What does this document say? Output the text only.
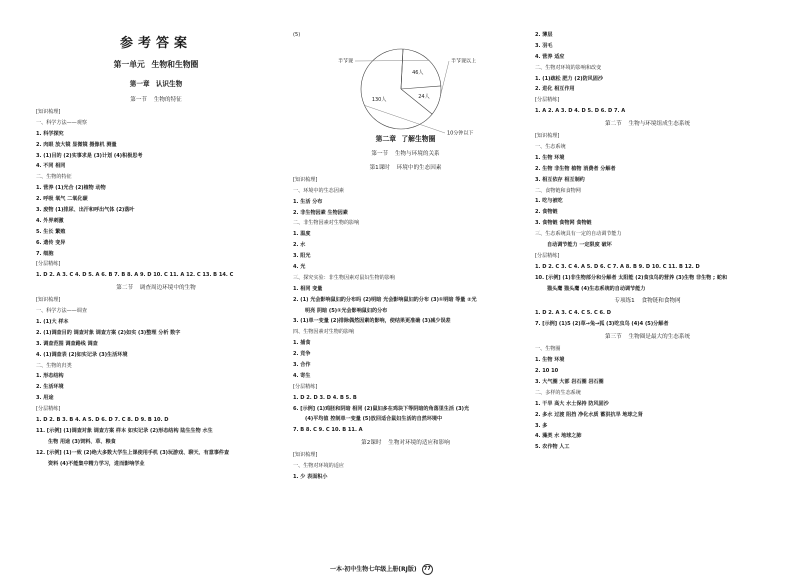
参考答案
第一单元 生物和生物圈
第一章 认识生物
第一节 生物的特征
[知识梳理]
一、科学方法——观察
1. 科学探究
2. 肉眼 放大镜 显微镜 摄像机 测量
3. (1)目的 (2)实事求是 (3)计划 (4)积极思考
4. 不同 相同
二、生物的特征
1. 营养 (1)光合 (2)植物 动物
2. 呼吸 氧气 二氧化碳
3. 废物 (1)排尿、出汗和呼出气体 (2)落叶
4. 外界刺激
5. 生长 繁殖
6. 遗传 变异
7. 细胞
[分层精练]
1. D 2. A 3. C 4. D 5. A 6. B 7. B 8. A 9. D 10. C 11. A 12. C 13. B 14. C
第二节 调查周边环境中的生物
[知识梳理]
一、科学方法——调查
1. (1)大 样本
2. (1)调查目的 调查对象 调查方案 (2)如实 (3)整理 分析 数字
3. 调查范围 调查路线 调查
4. (1)调查表 (2)如实记录 (3)生活环境
二、生物的归类
1. 形态结构
2. 生活环境
3. 用途
[分层精练]
1. D 2. B 3. B 4. A 5. D 6. D 7. C 8. D 9. B 10. D
11. [示例] (1)调查对象 调查方案 样本 如实记录 (2)形态结构 陆生生物 水生
生物 用途 (3)饲料、草、粮食
12. [示例] (1)一致 (2)绝大多数大学生上课使用手机 (3)玩游戏、聊天、有意事件查
资料 (4)不能集中精力学习，进而影响学业
(5)
46人
半节课
24人
半节课以上
130人
10分钟以下
第二章 了解生物圈
第一节 生物与环境的关系
第1课时 环境中的生态因素
[知识梳理]
一、环境中的生态因素
1. 生活 分布
2. 非生物因素 生物因素
二、非生物因素对生物的影响
1. 温度
2. 水
3. 阳光
4. 光
三、探究实验：非生物因素对鼠妇生物的影响
1. 相同 变量
2. (1) 光会影响鼠妇的分布吗 (2)明暗 光会影响鼠妇的分布 (3)①明暗 等量 ②光
明亮 阴暗 (5)①光会影响鼠妇的分布
3. (1)单一变量 (2)排除偶然因素的影响，使结果更准确 (3)减少误差
四、生物因素对生物的影响
1. 捕食
2. 竞争
3. 合作
4. 寄生
[分层精练]
1. D 2. D 3. D 4. B 5. B
6. [示例] (1)鸡胚和阴暗 相同 (2)鼠妇多在鸡块下等阴暗的角落里生活 (3)光
(4)平均值 控制单一变量 (5)放回适合鼠妇生活的自然环境中
7. B 8. C 9. C 10. B 11. A
第2课时 生物对环境的适应和影响
[知识梳理]
一、生物对环境的适应
1. 少 表面积小
2. 薄层
3. 羽毛
4. 营养 适应
二、生物对环境的影响和改变
1. (1)疏松 肥力 (2)防风固沙
2. 进化 相互作用
[分层精练]
1. A 2. A 3. D 4. D 5. D 6. D 7. A
第二节 生物与环境组成生态系统
[知识梳理]
一、生态系统
1. 生物 环境
2. 生物 非生物 植物 消费者 分解者
3. 相互依存 相互制约
二、食物链和食物网
1. 吃与被吃
2. 食物链
3. 食物链 食物网 食物链
三、生态系统具有一定的自动调节能力
自动调节能力 一定限度 破坏
[分层精练]
1. D 2. C 3. C 4. A 5. D 6. C 7. A 8. B 9. D 10. C 11. B 12. D
10. [示例] (1)非生物部分和分解者 太阳能 (2)食虫鸟的营养 (3)生物 非生物 ; 蛇和
猫头鹰 猫头鹰 (4)生态系统的自动调节能力
专项练1 食物链和食物网
1. D 2. A 3. C 4. C 5. C 6. D
7. [示例] (1)5 (2)草→兔→狐 (3)吃虫鸟 (4)4 (5)分解者
第三节 生物圈是最大的生态系统
一、生物圈
1. 生物 环境
2. 10 10
3. 大气圈 大部 岩石圈 岩石圈
二、多样的生态系统
1. 干旱 高大 水土保持 防风固沙
2. 多水 过渡 阻挡 净化水质 蓄洪抗旱 地球之肾
3. 多
4. 藻类 水 地球之肺
5. 农作物 人工
一本·初中生物七年级上册(RJ版) 77
